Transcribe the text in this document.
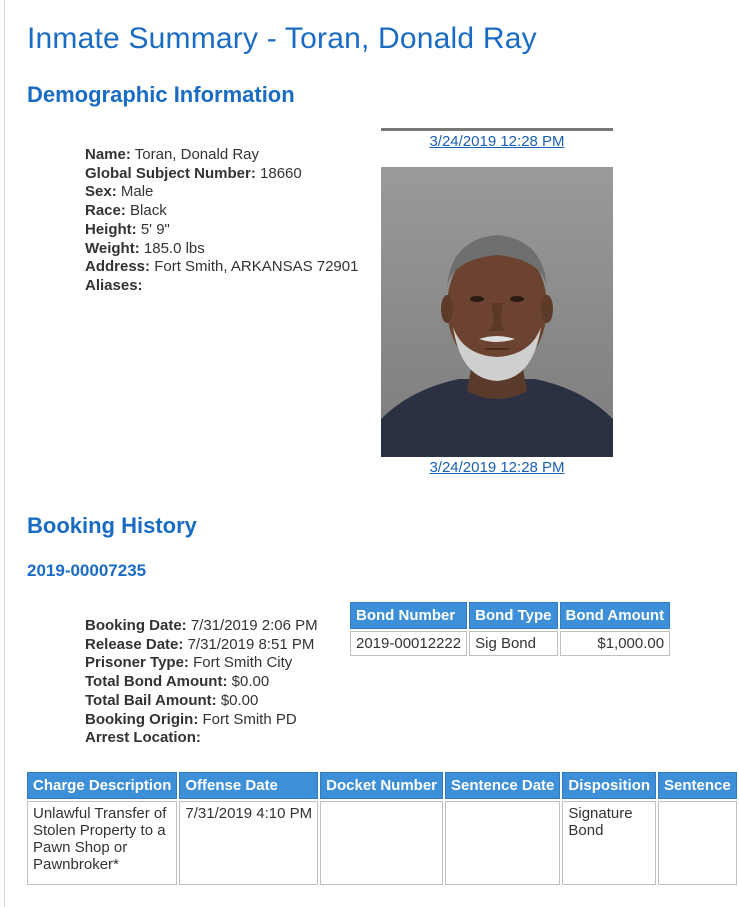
Inmate Summary - Toran, Donald Ray
Demographic Information
Name: Toran, Donald Ray
Global Subject Number: 18660
Sex: Male
Race: Black
Height: 5' 9"
Weight: 185.0 lbs
Address: Fort Smith, ARKANSAS 72901
Aliases:
3/24/2019 12:28 PM
3/24/2019 12:28 PM
Booking History
2019-00007235
Booking Date: 7/31/2019 2:06 PM
Release Date: 7/31/2019 8:51 PM
Prisoner Type: Fort Smith City
Total Bond Amount: $0.00
Total Bail Amount: $0.00
Booking Origin: Fort Smith PD
Arrest Location:
Bond Number	Bond Type	Bond Amount
2019-00012222	Sig Bond	$1,000.00
Charge Description	Offense Date	Docket Number	Sentence Date	Disposition	Sentence
Unlawful Transfer of Stolen Property to a Pawn Shop or Pawnbroker*	7/31/2019 4:10 PM			Signature Bond	
